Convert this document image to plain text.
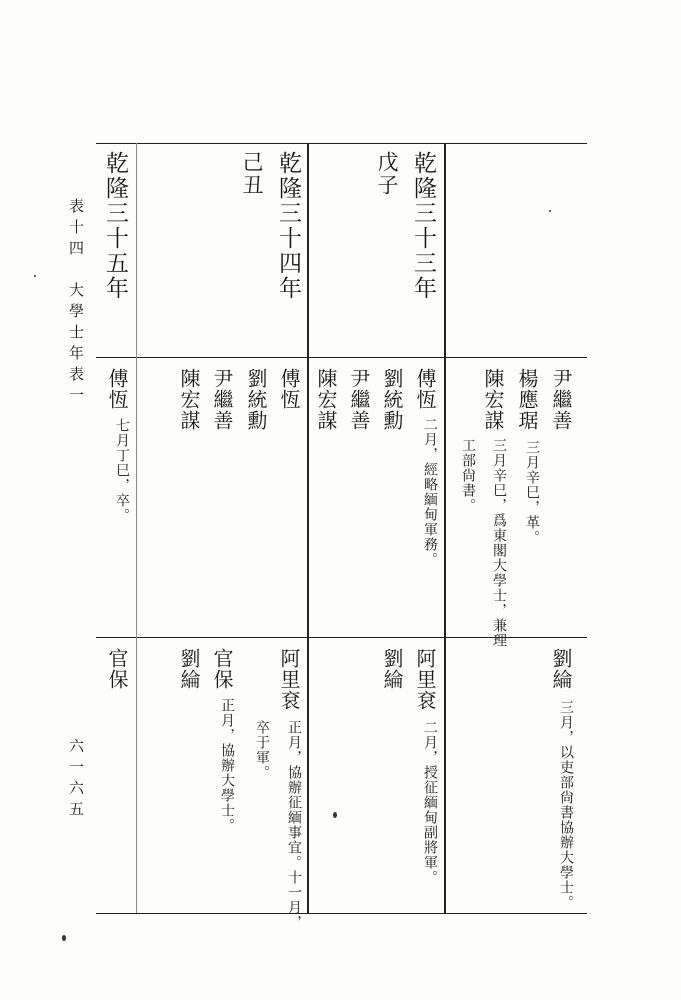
表十四　大學士年表一
六一六五
乾隆三十三年
戊子
乾隆三十四年
己丑
乾隆三十五年
尹繼善
楊應琚
三月辛巳，革。
陳宏謀
三月辛巳，爲東閣大學士，兼理
工部尙書。
劉綸
三月，以吏部尙書協辦大學士。
傅恆
二月，經略緬甸軍務。
劉統勳
尹繼善
陳宏謀
阿里袞
二月，授征緬甸副將軍。
劉綸
傅恆
劉統勳
尹繼善
陳宏謀
阿里袞
正月，協辦征緬事宜。十一月，
卒于軍。
官保
正月，協辦大學士。
劉綸
傅恆
七月丁巳，卒。
官保
